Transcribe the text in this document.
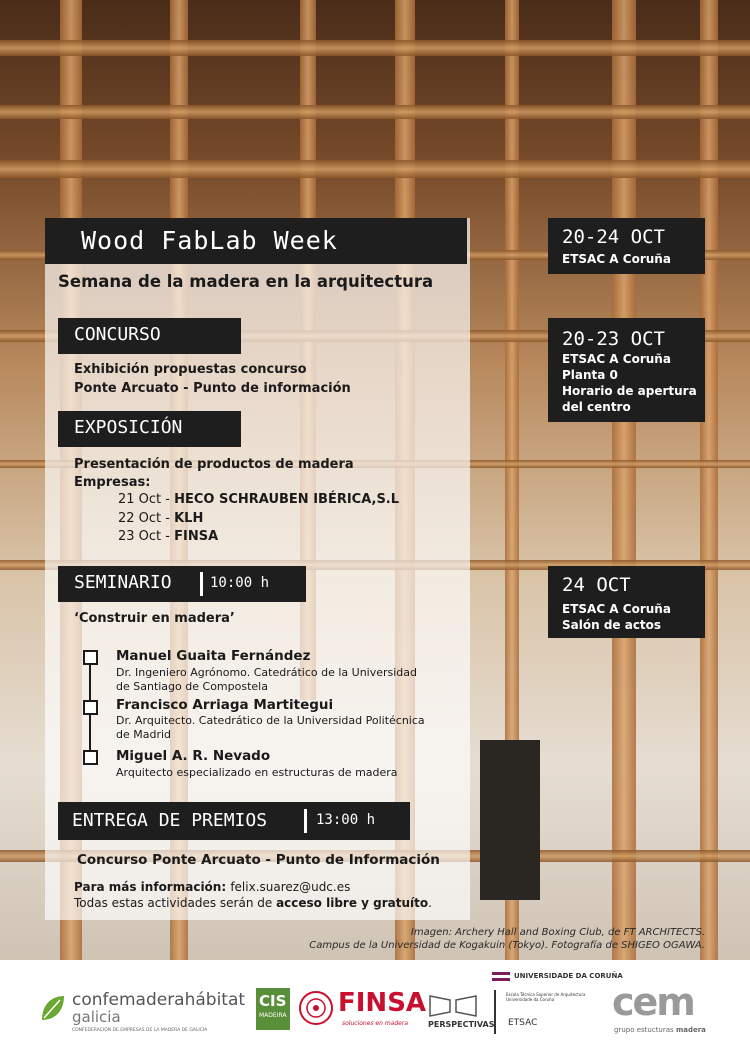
Wood FabLab Week
Semana de la madera en la arquitectura
20-24 OCT
ETSAC A Coruña
20-23 OCT
ETSAC A Coruña
Planta 0
Horario de apertura
del centro
24 OCT
ETSAC A Coruña
Salón de actos
CONCURSO
Exhibición propuestas concurso
Ponte Arcuato - Punto de información
EXPOSICIÓN
Presentación de productos de madera
Empresas:
21 Oct - HECO SCHRAUBEN IBÉRICA,S.L
22 Oct - KLH
23 Oct - FINSA
SEMINARIO	10:00 h
‘Construir en madera’
Manuel Guaita Fernández
Dr. Ingeniero Agrónomo. Catedrático de la Universidad
de Santiago de Compostela
Francisco Arriaga Martitegui
Dr. Arquitecto. Catedrático de la Universidad Politécnica
de Madrid
Miguel A. R. Nevado
Arquitecto especializado en estructuras de madera
ENTREGA DE PREMIOS	13:00 h
Concurso Ponte Arcuato - Punto de Información
Para más información: felix.suarez@udc.es
Todas estas actividades serán de acceso libre y gratuíto.
Imagen: Archery Hall and Boxing Club, de FT ARCHITECTS.
Campus de la Universidad de Kogakuin (Tokyo). Fotografía de SHIGEO OGAWA.
confemaderahábitat
galicia
CONFEDERACIÓN DE EMPRESAS DE LA MADERA DE GALICIA
CIS
MADEIRA FINSA
soluciones en madera	PERSPECTIVAS
UNIVERSIDADE DA CORUÑA
Escola Técnica Superior de Arquitectura Universidade da Coruña
ETSAC cem
grupo estucturas madera
